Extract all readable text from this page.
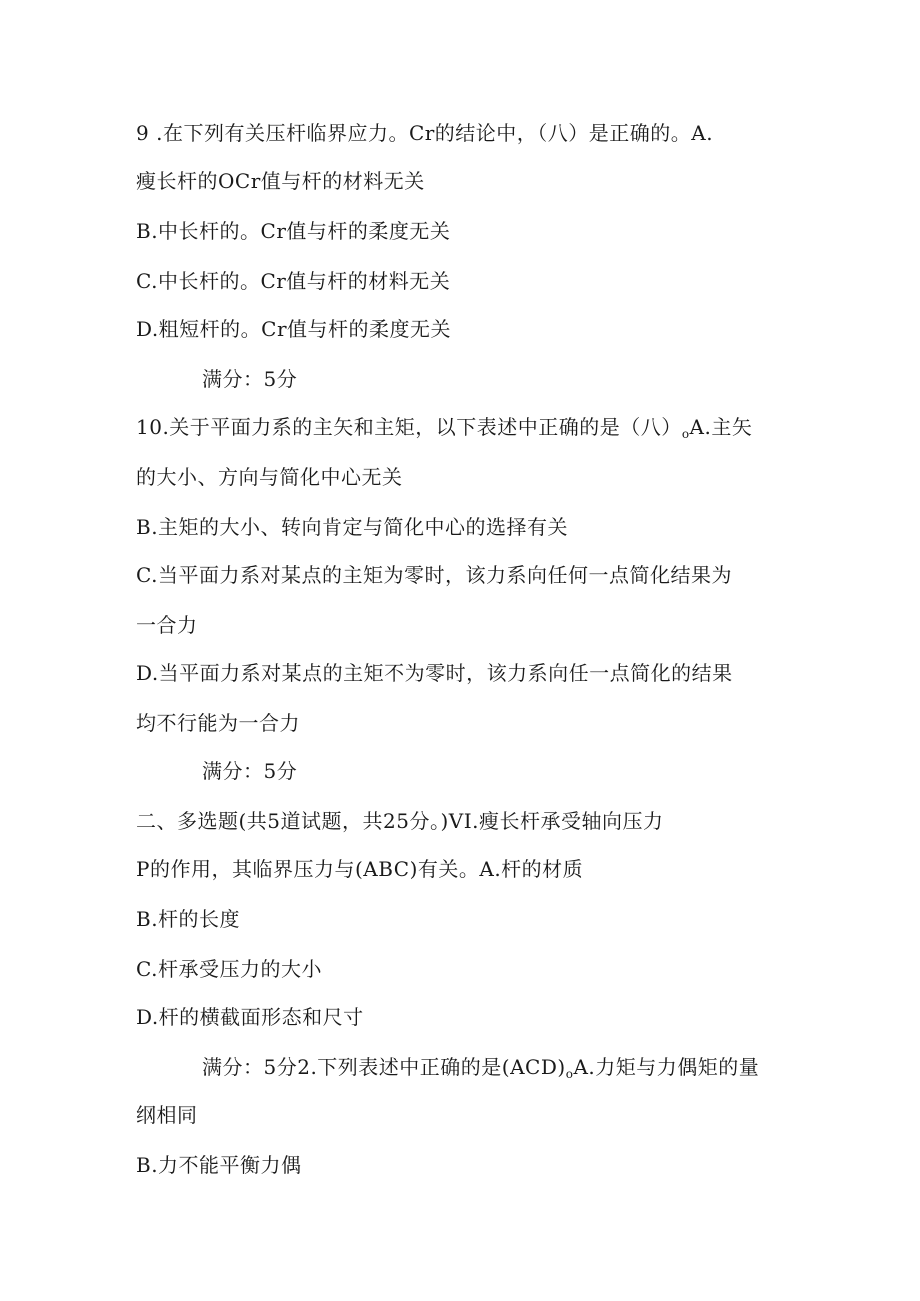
9 .在下列有关压杆临界应力。Cr的结论中，（八）是正确的。A.
瘦长杆的OCr值与杆的材料无关
B.中长杆的。Cr值与杆的柔度无关
C.中长杆的。Cr值与杆的材料无关
D.粗短杆的。Cr值与杆的柔度无关
满分：5分
10.关于平面力系的主矢和主矩，以下表述中正确的是（八）$_oA$.主矢
的大小、方向与简化中心无关
B.主矩的大小、转向肯定与简化中心的选择有关
C.当平面力系对某点的主矩为零时，该力系向任何一点简化结果为
一合力
D.当平面力系对某点的主矩不为零时，该力系向任一点简化的结果
均不行能为一合力
满分：5分
二、多选题(共5道试题，共25分。)VI.瘦长杆承受轴向压力
P的作用，其临界压力与(ABC)有关。A.杆的材质
B.杆的长度
C.杆承受压力的大小
D.杆的横截面形态和尺寸
满分：5分2.下列表述中正确的是$(ACD)_oA$.力矩与力偶矩的量
纲相同
B.力不能平衡力偶
